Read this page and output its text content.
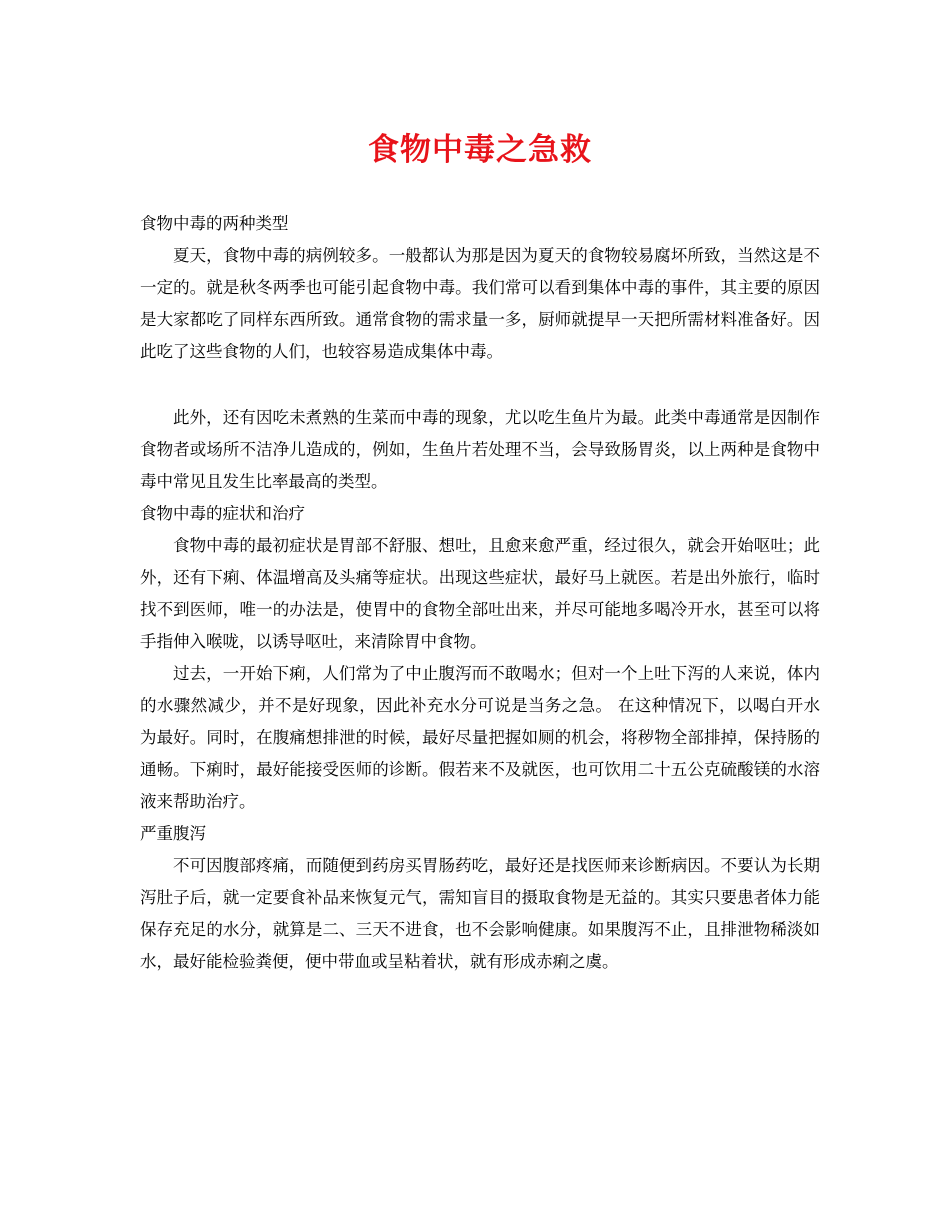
食物中毒之急救

食物中毒的两种类型

夏天，食物中毒的病例较多。一般都认为那是因为夏天的食物较易腐坏所致，当然这是不一定的。就是秋冬两季也可能引起食物中毒。我们常可以看到集体中毒的事件，其主要的原因是大家都吃了同样东西所致。通常食物的需求量一多，厨师就提早一天把所需材料准备好。因此吃了这些食物的人们，也较容易造成集体中毒。

此外，还有因吃未煮熟的生菜而中毒的现象，尤以吃生鱼片为最。此类中毒通常是因制作食物者或场所不洁净儿造成的，例如，生鱼片若处理不当，会导致肠胃炎，以上两种是食物中毒中常见且发生比率最高的类型。

食物中毒的症状和治疗

食物中毒的最初症状是胃部不舒服、想吐，且愈来愈严重，经过很久，就会开始呕吐；此外，还有下痢、体温增高及头痛等症状。出现这些症状，最好马上就医。若是出外旅行，临时找不到医师，唯一的办法是，使胃中的食物全部吐出来，并尽可能地多喝冷开水，甚至可以将手指伸入喉咙，以诱导呕吐，来清除胃中食物。

过去，一开始下痢，人们常为了中止腹泻而不敢喝水；但对一个上吐下泻的人来说，体内的水骤然减少，并不是好现象，因此补充水分可说是当务之急。 在这种情况下，以喝白开水为最好。同时，在腹痛想排泄的时候，最好尽量把握如厕的机会，将秽物全部排掉，保持肠的通畅。下痢时，最好能接受医师的诊断。假若来不及就医，也可饮用二十五公克硫酸镁的水溶液来帮助治疗。

严重腹泻

不可因腹部疼痛，而随便到药房买胃肠药吃，最好还是找医师来诊断病因。不要认为长期泻肚子后，就一定要食补品来恢复元气，需知盲目的摄取食物是无益的。其实只要患者体力能保存充足的水分，就算是二、三天不进食，也不会影响健康。如果腹泻不止，且排泄物稀淡如水，最好能检验粪便，便中带血或呈粘着状，就有形成赤痢之虞。
